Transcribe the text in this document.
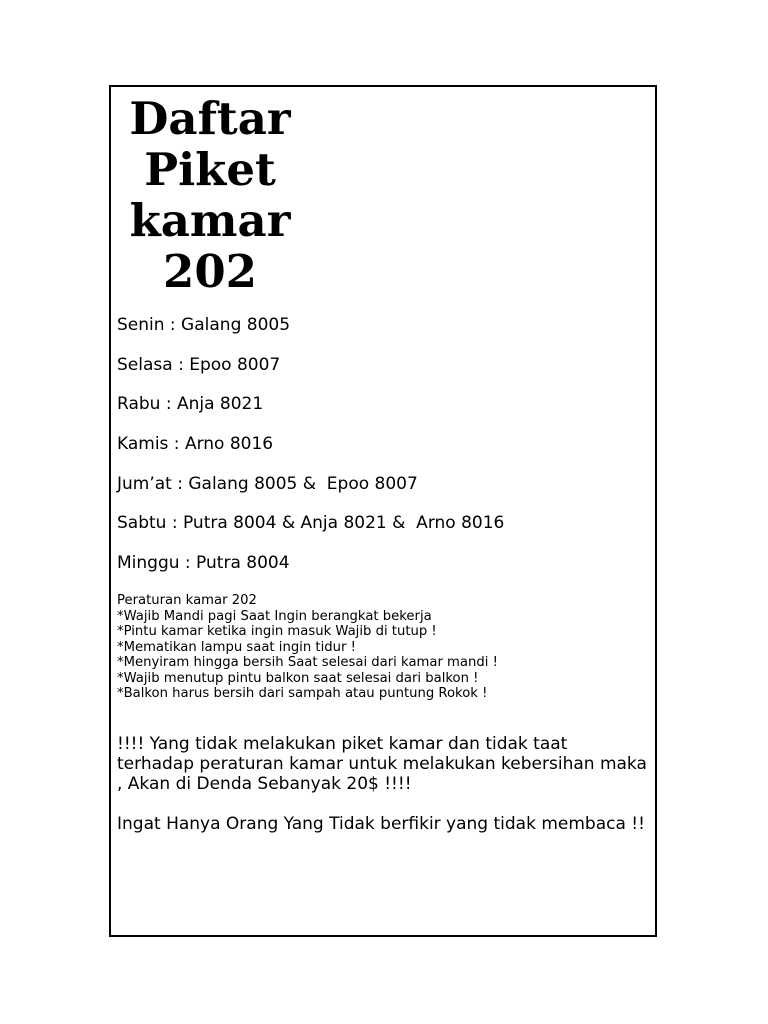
Daftar
Piket
kamar
202
Senin : Galang 8005
Selasa : Epoo 8007
Rabu : Anja 8021
Kamis : Arno 8016
Jum’at : Galang 8005 &  Epoo 8007
Sabtu : Putra 8004 & Anja 8021 &  Arno 8016
Minggu : Putra 8004
Peraturan kamar 202
*Wajib Mandi pagi Saat Ingin berangkat bekerja
*Pintu kamar ketika ingin masuk Wajib di tutup !
*Mematikan lampu saat ingin tidur !
*Menyiram hingga bersih Saat selesai dari kamar mandi !
*Wajib menutup pintu balkon saat selesai dari balkon !
*Balkon harus bersih dari sampah atau puntung Rokok !

!!!! Yang tidak melakukan piket kamar dan tidak taat terhadap peraturan kamar untuk melakukan kebersihan maka , Akan di Denda Sebanyak 20$ !!!!

Ingat Hanya Orang Yang Tidak berfikir yang tidak membaca !!
